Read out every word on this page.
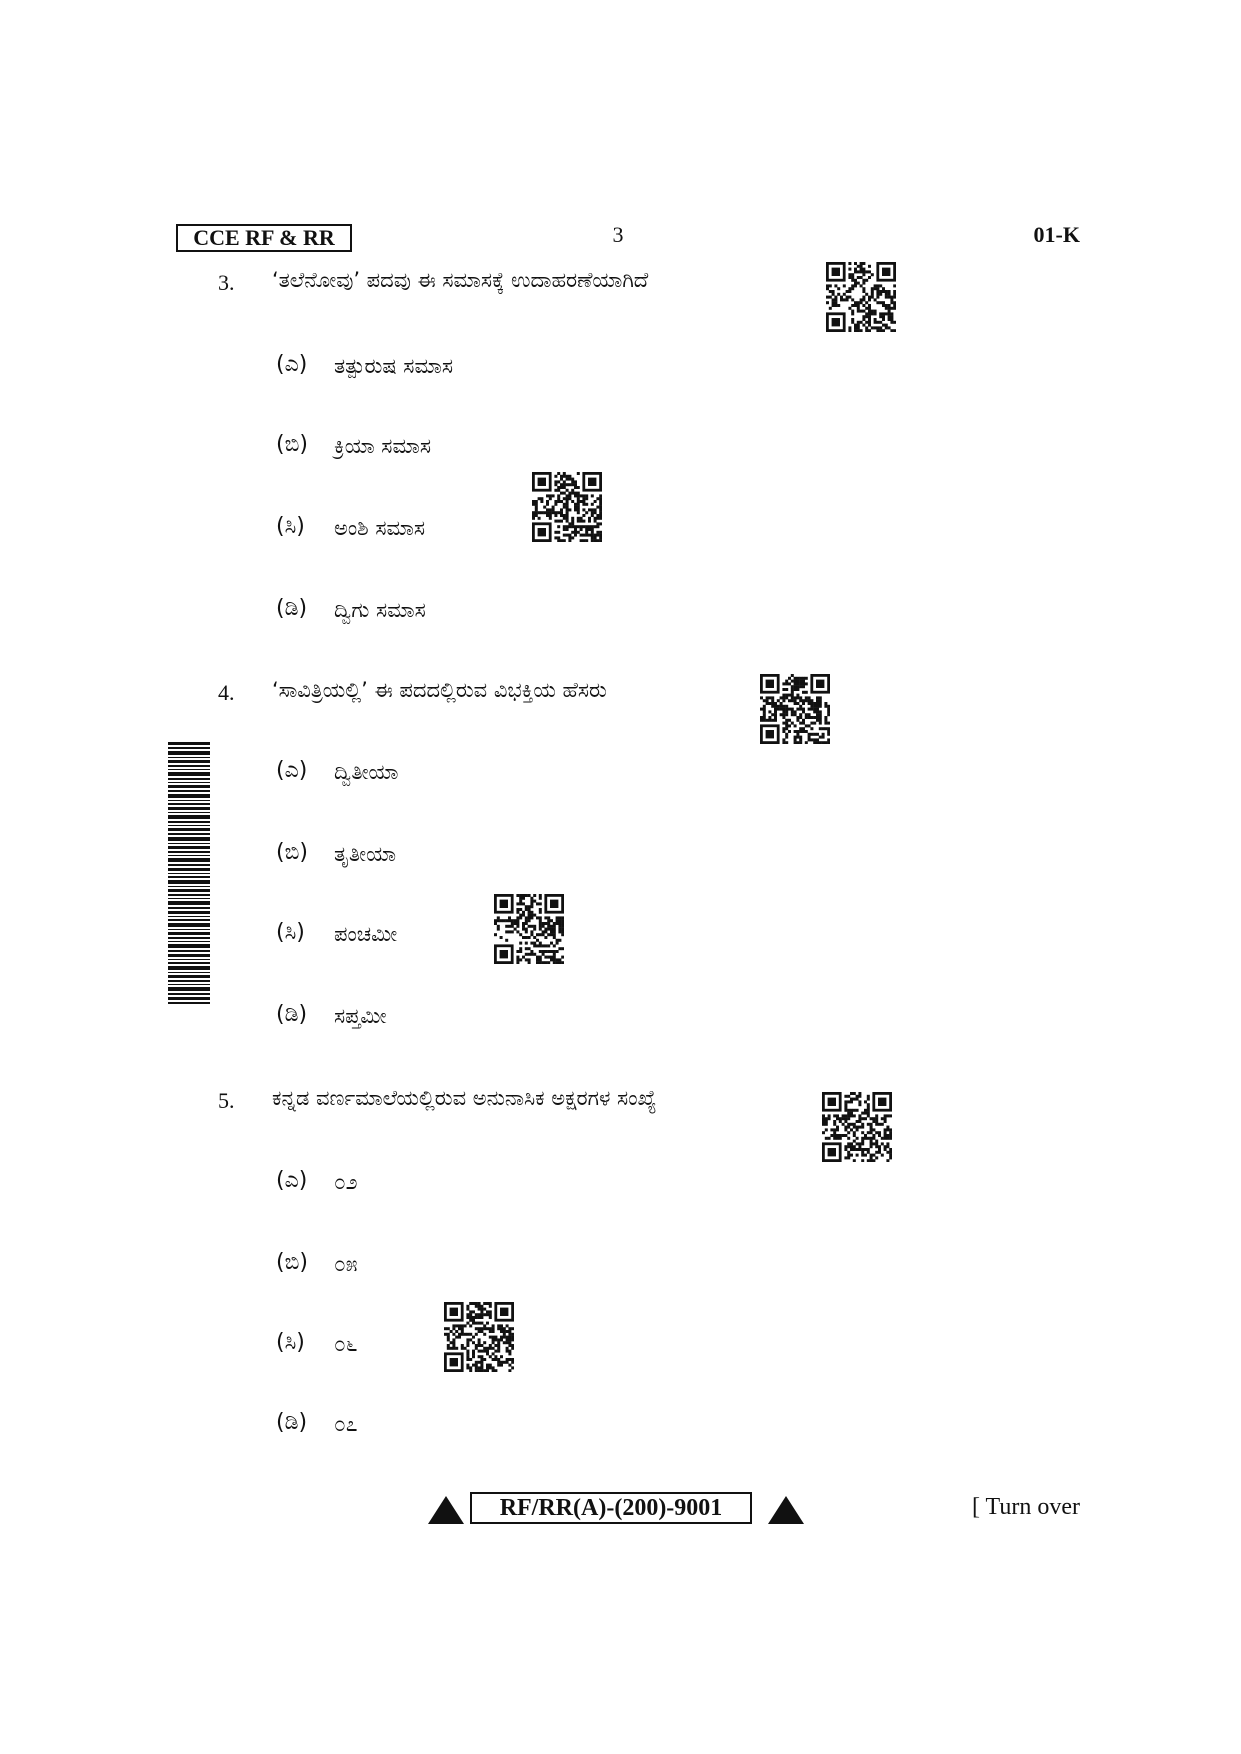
CCE RF & RR	3	01-K
3.	‘ತಲೆನೋವು’ ಪದವು ಈ ಸಮಾಸಕ್ಕೆ ಉದಾಹರಣೆಯಾಗಿದೆ
(ಎ) ತತ್ಪುರುಷ ಸಮಾಸ
(ಬಿ) ಕ್ರಿಯಾ ಸಮಾಸ
(ಸಿ) ಅಂಶಿ ಸಮಾಸ
(ಡಿ) ದ್ವಿಗು ಸಮಾಸ
4.	‘ಸಾವಿತ್ರಿಯಲ್ಲಿ’ ಈ ಪದದಲ್ಲಿರುವ ವಿಭಕ್ತಿಯ ಹೆಸರು
(ಎ) ದ್ವಿತೀಯಾ
(ಬಿ) ತೃತೀಯಾ
(ಸಿ) ಪಂಚಮೀ
(ಡಿ) ಸಪ್ತಮೀ
5.	ಕನ್ನಡ ವರ್ಣಮಾಲೆಯಲ್ಲಿರುವ ಅನುನಾಸಿಕ ಅಕ್ಷರಗಳ ಸಂಖ್ಯೆ
(ಎ) ೦೨
(ಬಿ) ೦೫
(ಸಿ) ೦೬
(ಡಿ) ೦೭
RF/RR(A)-(200)-9001	[ Turn over
